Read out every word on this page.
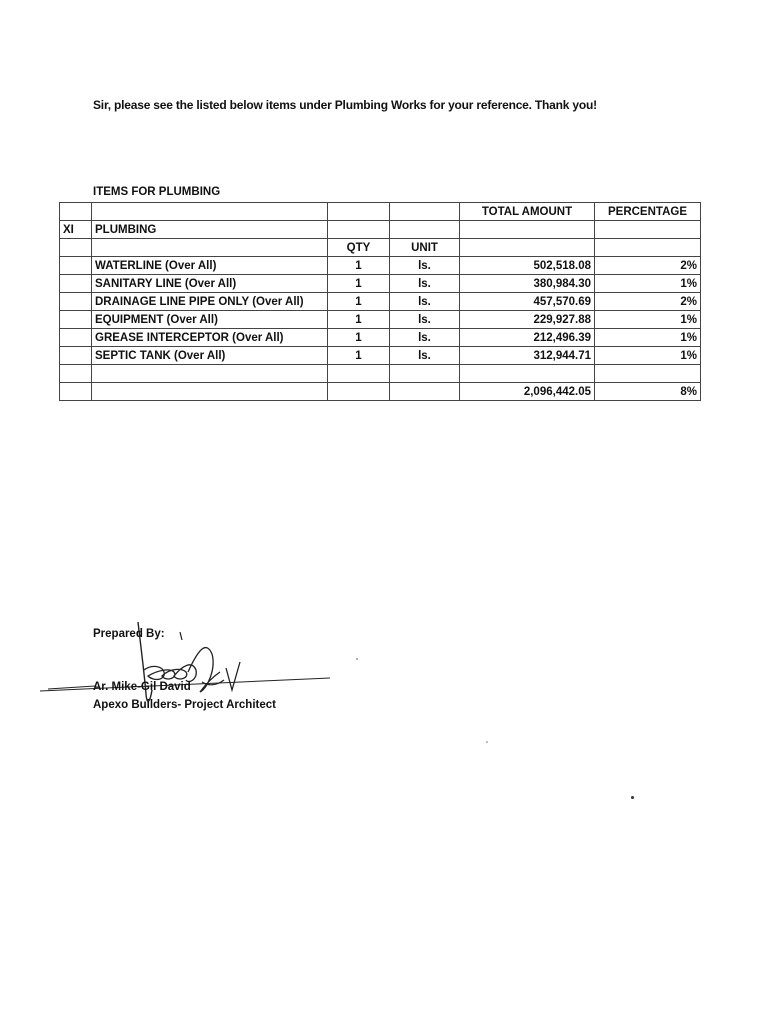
Sir, please see the listed below items under Plumbing Works for your reference. Thank you!

ITEMS FOR PLUMBING

				TOTAL AMOUNT	PERCENTAGE
XI	PLUMBING				
		QTY	UNIT		
	WATERLINE (Over All)	1	ls.	502,518.08	2%
	SANITARY LINE (Over All)	1	ls.	380,984.30	1%
	DRAINAGE LINE PIPE ONLY (Over All)	1	ls.	457,570.69	2%
	EQUIPMENT (Over All)	1	ls.	229,927.88	1%
	GREASE INTERCEPTOR (Over All)	1	ls.	212,496.39	1%
	SEPTIC TANK (Over All)	1	ls.	312,944.71	1%

				2,096,442.05	8%

Prepared By:

Ar. Mike-Gil David

Apexo Builders- Project Architect
